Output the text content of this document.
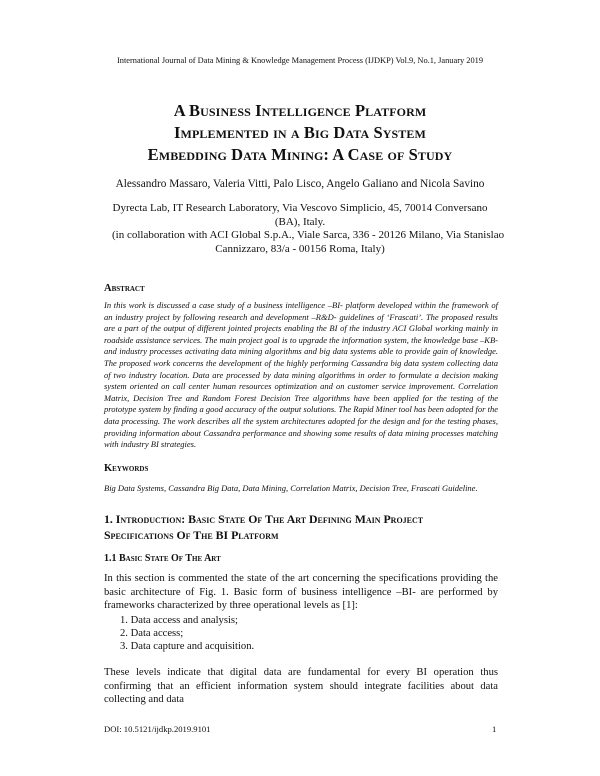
International Journal of Data Mining & Knowledge Management Process (IJDKP) Vol.9, No.1, January 2019
A Business Intelligence Platform
Implemented in a Big Data System
Embedding Data Mining: A Case of Study
Alessandro Massaro, Valeria Vitti, Palo Lisco, Angelo Galiano and Nicola Savino
Dyrecta Lab, IT Research Laboratory, Via Vescovo Simplicio, 45, 70014 Conversano
(BA), Italy.
(in collaboration with ACI Global S.p.A., Viale Sarca, 336 - 20126 Milano, Via Stanislao
Cannizzaro, 83/a - 00156 Roma, Italy)
Abstract
In this work is discussed a case study of a business intelligence –BI- platform developed within the framework of an industry project by following research and development –R&D- guidelines of ‘Frascati’. The proposed results are a part of the output of different jointed projects enabling the BI of the industry ACI Global working mainly in roadside assistance services. The main project goal is to upgrade the information system, the knowledge base –KB- and industry processes activating data mining algorithms and big data systems able to provide gain of knowledge. The proposed work concerns the development of the highly performing Cassandra big data system collecting data of two industry location. Data are processed by data mining algorithms in order to formulate a decision making system oriented on call center human resources optimization and on customer service improvement. Correlation Matrix, Decision Tree and Random Forest Decision Tree algorithms have been applied for the testing of the prototype system by finding a good accuracy of the output solutions. The Rapid Miner tool has been adopted for the data processing. The work describes all the system architectures adopted for the design and for the testing phases, providing information about Cassandra performance and showing some results of data mining processes matching with industry BI strategies.
Keywords
Big Data Systems, Cassandra Big Data, Data Mining, Correlation Matrix, Decision Tree, Frascati Guideline.
1. Introduction: Basic State Of The Art Defining Main Project
Specifications Of The BI Platform
1.1 Basic State Of The Art
In this section is commented the state of the art concerning the specifications providing the basic architecture of Fig. 1. Basic form of business intelligence –BI- are performed by frameworks characterized by three operational levels as [1]:
1. Data access and analysis;
2. Data access;
3. Data capture and acquisition.
These levels indicate that digital data are fundamental for every BI operation thus confirming that an efficient information system should integrate facilities about data collecting and data
DOI: 10.5121/ijdkp.2019.9101	1
